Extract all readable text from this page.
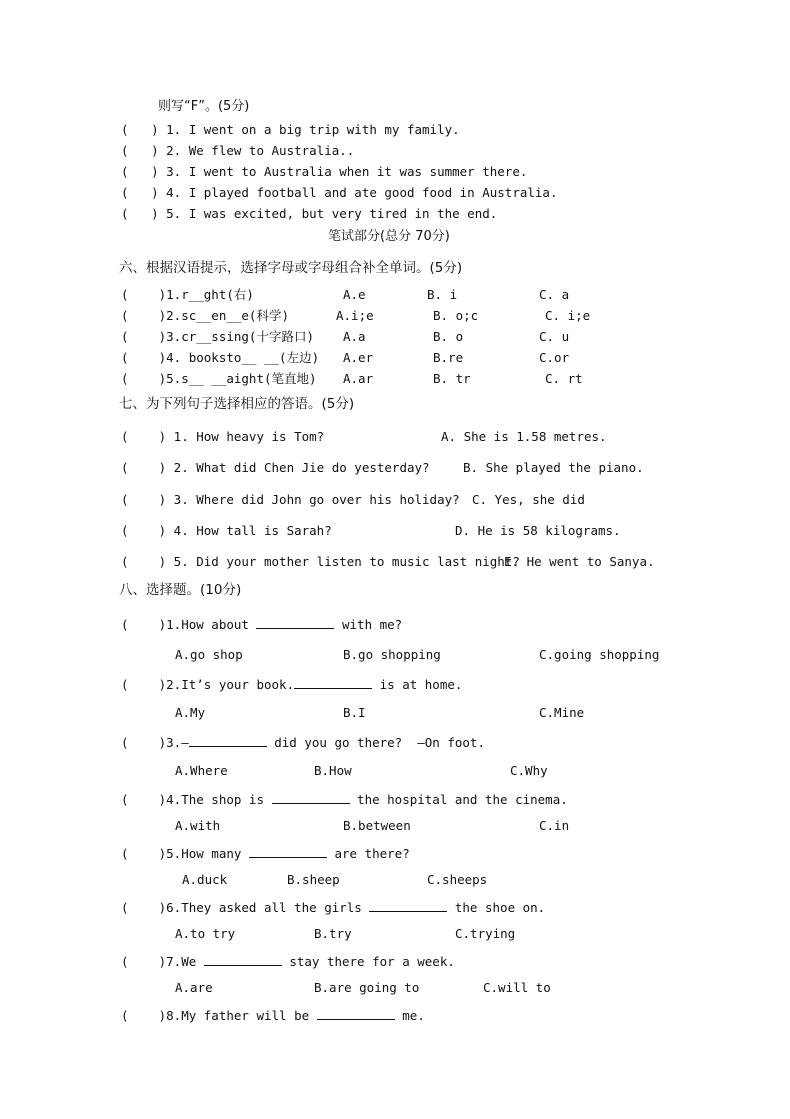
则写“F”。(5分)
(   ) 1. I went on a big trip with my family.
(   ) 2. We flew to Australia..
(   ) 3. I went to Australia when it was summer there.
(   ) 4. I played football and ate good food in Australia.
(   ) 5. I was excited, but very tired in the end.
笔试部分(总分 70分)
六、根据汉语提示，选择字母或字母组合补全单词。(5分)
(    )1.r__ght(右)	A.e	B. i	C. a
(    )2.sc__en__e(科学)	A.i;e	B. o;c	C. i;e
(    )3.cr__ssing(十字路口) A.a	B. o	C. u
(    )4. booksto__ __(左边) A.er	B.re	C.or
(    )5.s__ __aight(笔直地) A.ar	B. tr	C. rt
七、为下列句子选择相应的答语。(5分)
(    ) 1. How heavy is Tom?	A. She is 1.58 metres.
(    ) 2. What did Chen Jie do yesterday?	B. She played the piano.
(    ) 3. Where did John go over his holiday? C. Yes, she did
(    ) 4. How tall is Sarah?	D. He is 58 kilograms.
(    ) 5. Did your mother listen to music last night?
E. He went to Sanya.
八、选择题。(10分)
(    )1.How about	with me?
A.go shop	B.go shopping	C.going shopping
(    )2.It’s your book.	is at home.
A.My	B.I	C.Mine
(    )3.—	did you go there?  —On foot.
A.Where	B.How	C.Why
(    )4.The shop is	the hospital and the cinema.
A.with	B.between	C.in
(    )5.How many	are there?
A.duck	B.sheep	C.sheeps
(    )6.They asked all the girls	the shoe on.
A.to try	B.try	C.trying
(    )7.We	stay there for a week.
A.are	B.are going to	C.will to
(    )8.My father will be	me.
